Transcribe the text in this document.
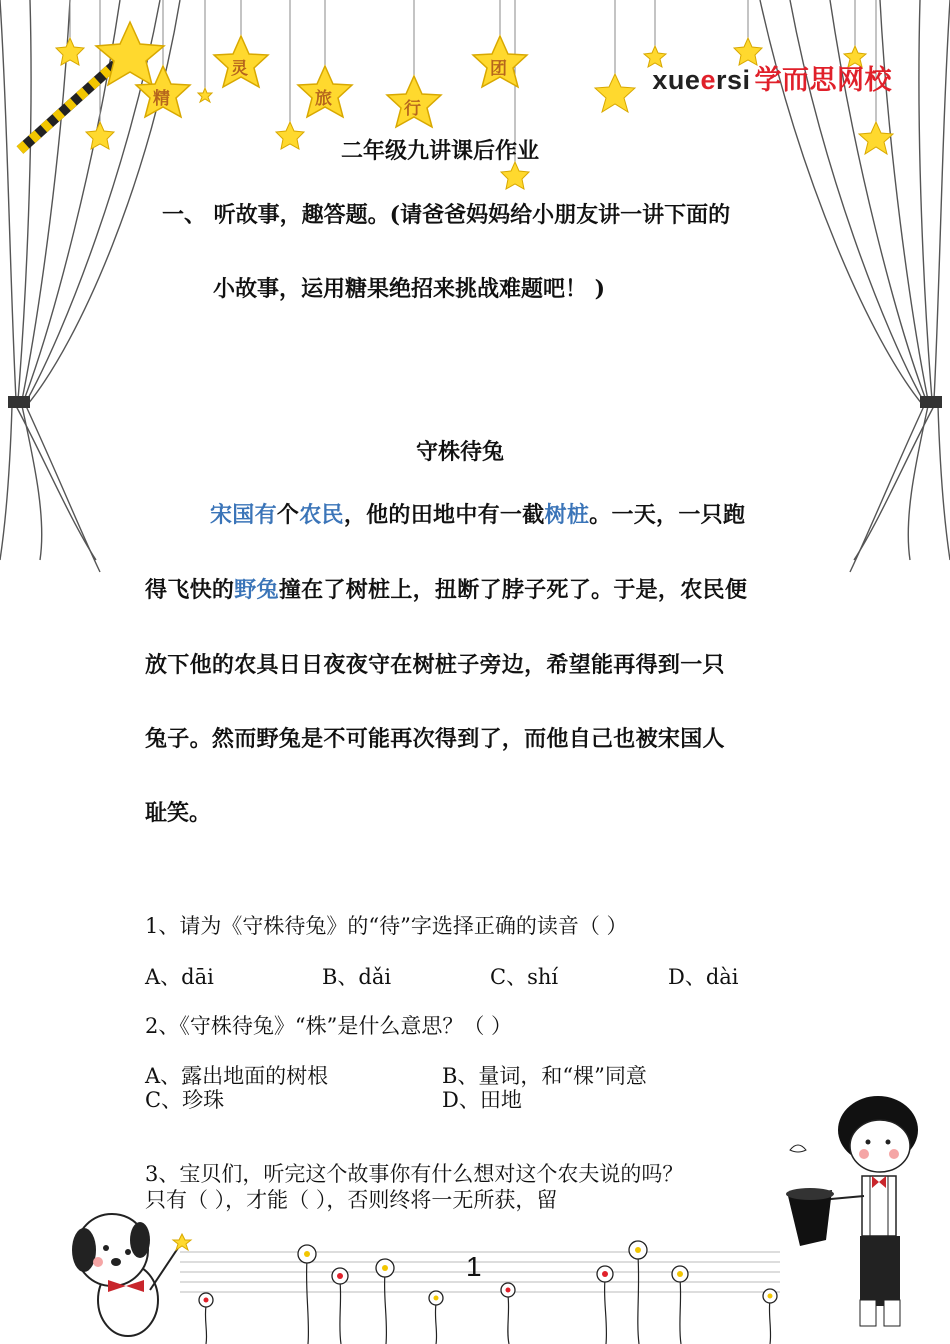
精
灵
旅	行
团	xueersi 学而思网校
二年级九讲课后作业
一、 听故事，趣答题。(请爸爸妈妈给小朋友讲一讲下面的
小故事，运用糖果绝招来挑战难题吧！ )
守株待兔
宋国有个农民，他的田地中有一截树桩。一天，一只跑
得飞快的野兔撞在了树桩上，扭断了脖子死了。于是，农民便
放下他的农具日日夜夜守在树桩子旁边，希望能再得到一只
兔子。然而野兔是不可能再次得到了，而他自己也被宋国人
耻笑。
1、请为《守株待兔》的“待”字选择正确的读音（ ）
A、dāi	B、dǎi	C、shí	D、dài
2、《守株待兔》“株”是什么意思？（ ）
A、露出地面的树根	B、量词，和“棵”同意
C、珍珠	D、田地
3、宝贝们，听完这个故事你有什么想对这个农夫说的吗？
只有（ ），才能（ ），否则终将一无所获，留
1
